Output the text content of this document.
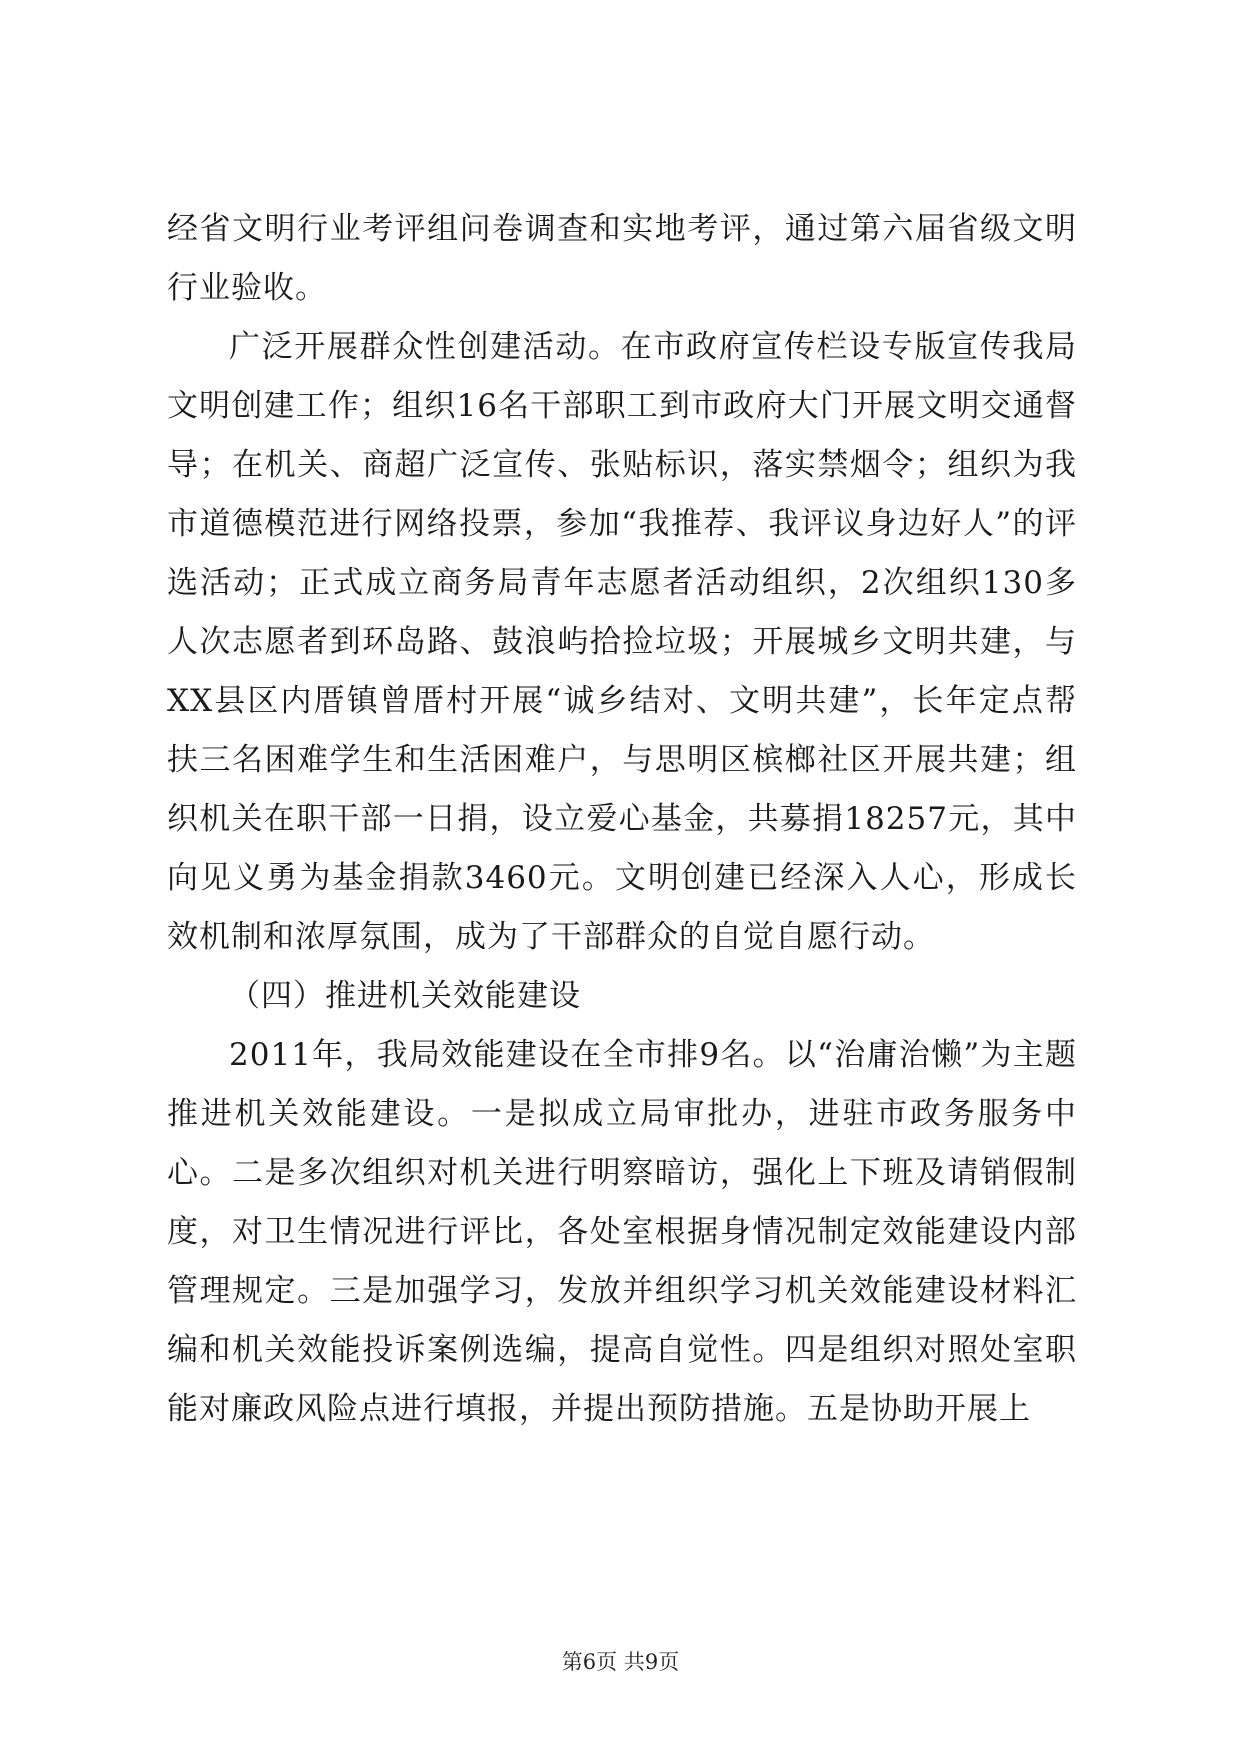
经省文明行业考评组问卷调查和实地考评，通过第六届省级文明行业验收。

广泛开展群众性创建活动。在市政府宣传栏设专版宣传我局文明创建工作；组织16名干部职工到市政府大门开展文明交通督导；在机关、商超广泛宣传、张贴标识，落实禁烟令；组织为我市道德模范进行网络投票，参加“我推荐、我评议身边好人”的评选活动；正式成立商务局青年志愿者活动组织，2次组织130多人次志愿者到环岛路、鼓浪屿拾捡垃圾；开展城乡文明共建，与XX县区内厝镇曾厝村开展“诚乡结对、文明共建”，长年定点帮扶三名困难学生和生活困难户，与思明区槟榔社区开展共建；组织机关在职干部一日捐，设立爱心基金，共募捐18257元，其中向见义勇为基金捐款3460元。文明创建已经深入人心，形成长效机制和浓厚氛围，成为了干部群众的自觉自愿行动。

（四）推进机关效能建设

2011年，我局效能建设在全市排9名。以“治庸治懒”为主题推进机关效能建设。一是拟成立局审批办，进驻市政务服务中心。二是多次组织对机关进行明察暗访，强化上下班及请销假制度，对卫生情况进行评比，各处室根据身情况制定效能建设内部管理规定。三是加强学习，发放并组织学习机关效能建设材料汇编和机关效能投诉案例选编，提高自觉性。四是组织对照处室职能对廉政风险点进行填报，并提出预防措施。五是协助开展上

第6页 共9页
